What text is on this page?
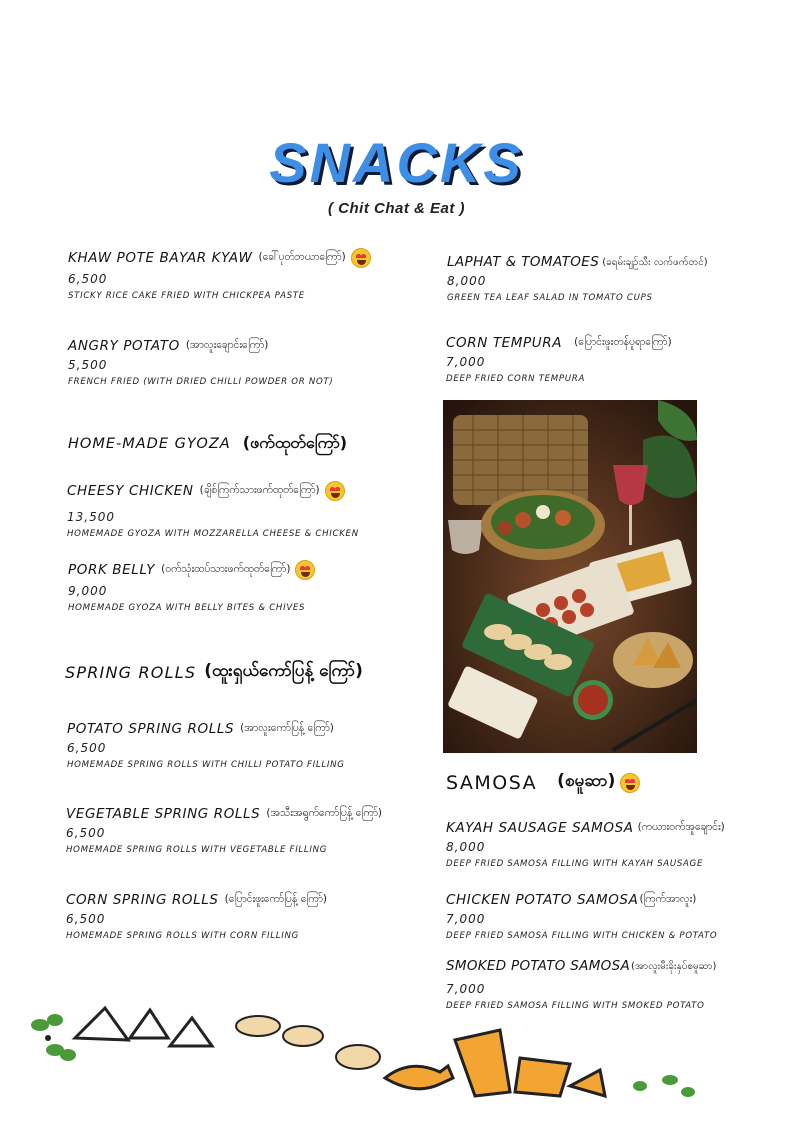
SNACKS
( Chit Chat & Eat )
KHAW POTE BAYAR KYAW (ခေါ်ပုတ်ဘယာကြော်)
6,500
STICKY RICE CAKE FRIED WITH CHICKPEA PASTE
ANGRY POTATO (အာလူးချောင်းကြော်)
5,500
FRENCH FRIED (WITH DRIED CHILLI POWDER OR NOT)
HOME-MADE GYOZA (ဖက်ထုတ်ကြော်)
CHEESY CHICKEN (ချိစ်ကြက်သားဖက်ထုတ်ကြော်)
13,500
HOMEMADE GYOZA WITH MOZZARELLA CHEESE & CHICKEN
PORK BELLY (ဝက်သုံးထပ်သားဖက်ထုတ်ကြော်)
9,000
HOMEMADE GYOZA WITH BELLY BITES & CHIVES
SPRING ROLLS (ထူးရှယ်ကော်ပြန့် ကြော်)
POTATO SPRING ROLLS (အာလူးကော်ပြန့် ကြော်)
6,500
HOMEMADE SPRING ROLLS WITH CHILLI POTATO FILLING
VEGETABLE SPRING ROLLS (အသီးအရွက်ကော်ပြန့် ကြော်)
6,500
HOMEMADE SPRING ROLLS WITH VEGETABLE FILLING
CORN SPRING ROLLS (ပြောင်းဖူးကော်ပြန့် ကြော်)
6,500
HOMEMADE SPRING ROLLS WITH CORN FILLING
LAPHAT & TOMATOES (ခရမ်းချဉ်သီး လက်ဖက်တင်)
8,000
GREEN TEA LEAF SALAD IN TOMATO CUPS
CORN TEMPURA (ပြောင်းဖူးတန်ပူရာကြော်)
7,000
DEEP FRIED CORN TEMPURA
SAMOSA (စမူဆာ)
KAYAH SAUSAGE SAMOSA (ကယားဝက်အူချောင်း)
8,000
DEEP FRIED SAMOSA FILLING WITH KAYAH SAUSAGE
CHICKEN POTATO SAMOSA (ကြက်အာလူး)
7,000
DEEP FRIED SAMOSA FILLING WITH CHICKEN & POTATO
SMOKED POTATO SAMOSA (အာလူးမီးခိုးနှပ်စမူဆာ)
7,000
DEEP FRIED SAMOSA FILLING WITH SMOKED POTATO
